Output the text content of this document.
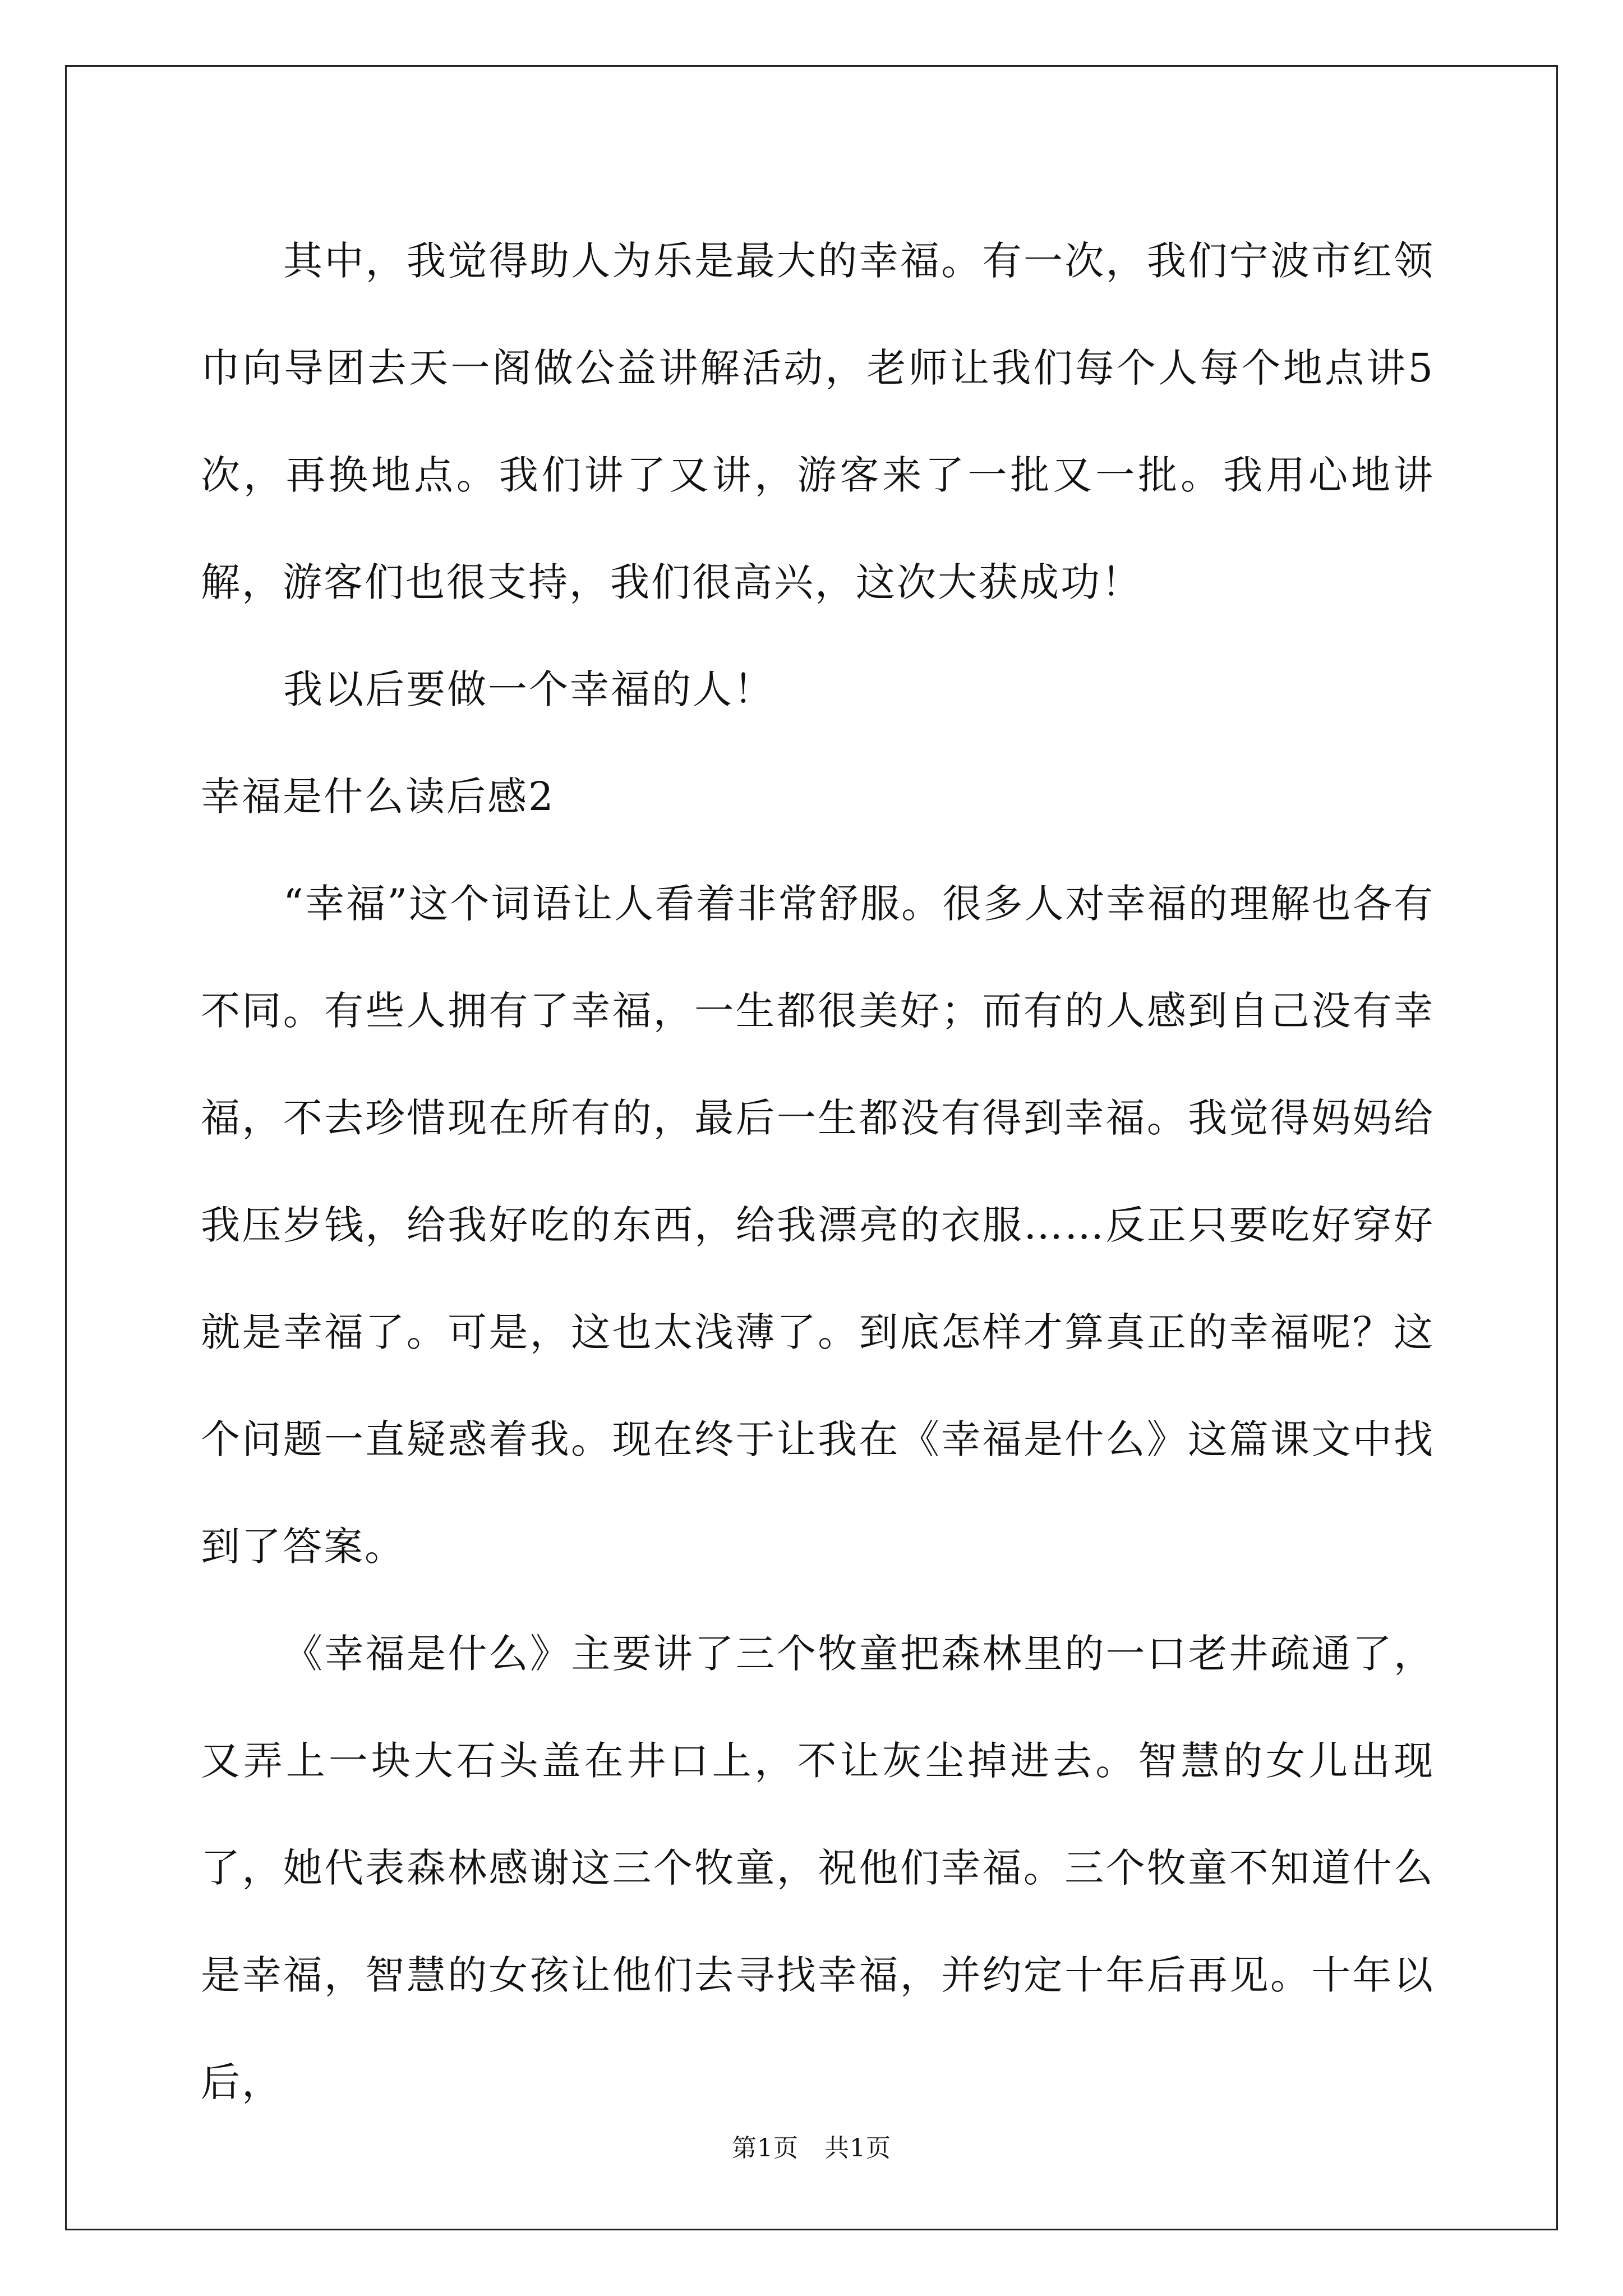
其中，我觉得助人为乐是最大的幸福。有一次，我们宁波市红领巾向导团去天一阁做公益讲解活动，老师让我们每个人每个地点讲5次，再换地点。我们讲了又讲，游客来了一批又一批。我用心地讲解，游客们也很支持，我们很高兴，这次大获成功！

我以后要做一个幸福的人！

幸福是什么读后感2

“幸福”这个词语让人看着非常舒服。很多人对幸福的理解也各有不同。有些人拥有了幸福，一生都很美好；而有的人感到自己没有幸福，不去珍惜现在所有的，最后一生都没有得到幸福。我觉得妈妈给我压岁钱，给我好吃的东西，给我漂亮的衣服……反正只要吃好穿好就是幸福了。可是，这也太浅薄了。到底怎样才算真正的幸福呢？这个问题一直疑惑着我。现在终于让我在《幸福是什么》这篇课文中找到了答案。

《幸福是什么》主要讲了三个牧童把森林里的一口老井疏通了，又弄上一块大石头盖在井口上，不让灰尘掉进去。智慧的女儿出现了，她代表森林感谢这三个牧童，祝他们幸福。三个牧童不知道什么是幸福，智慧的女孩让他们去寻找幸福，并约定十年后再见。十年以后，

第1页 共1页
